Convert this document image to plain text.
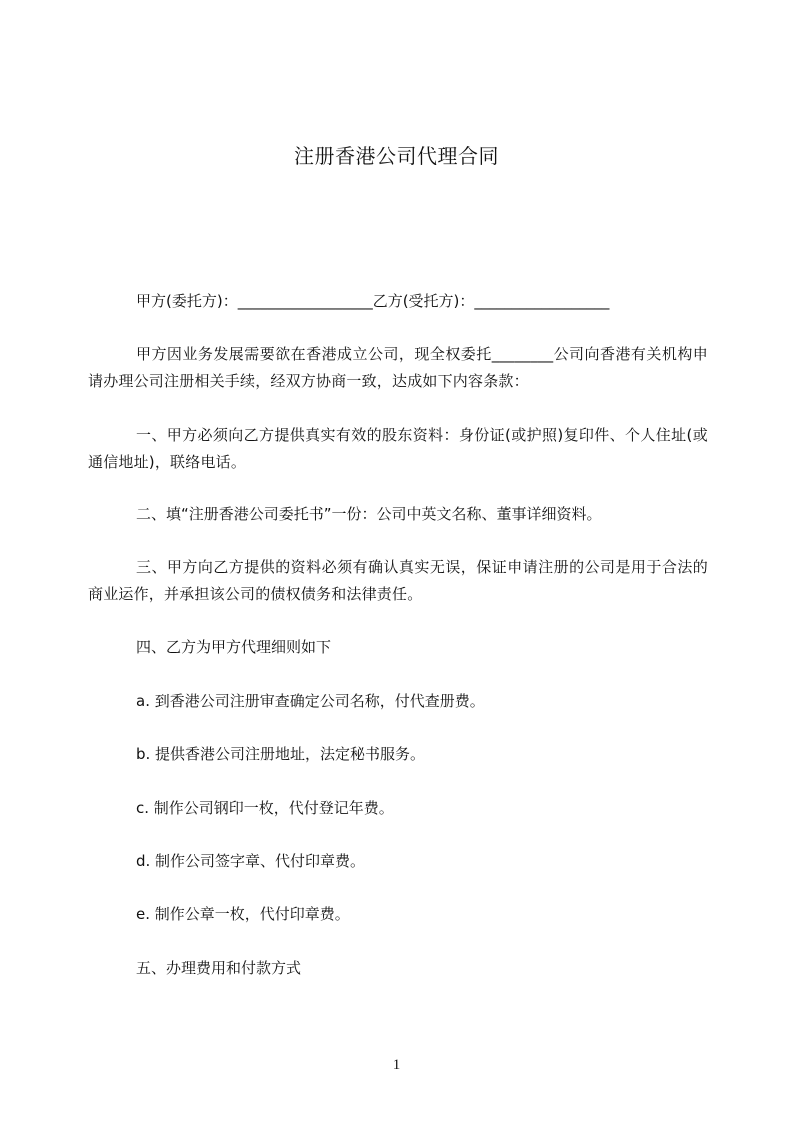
注册香港公司代理合同
甲方(委托方)：__________________乙方(受托方)：__________________
甲方因业务发展需要欲在香港成立公司，现全权委托________公司向香港有关机构申请办理公司注册相关手续，经双方协商一致，达成如下内容条款：
一、甲方必须向乙方提供真实有效的股东资料：身份证(或护照)复印件、个人住址(或通信地址)，联络电话。
二、填“注册香港公司委托书”一份：公司中英文名称、董事详细资料。
三、甲方向乙方提供的资料必须有确认真实无误，保证申请注册的公司是用于合法的商业运作，并承担该公司的债权债务和法律责任。
四、乙方为甲方代理细则如下
a. 到香港公司注册审查确定公司名称，付代查册费。
b. 提供香港公司注册地址，法定秘书服务。
c. 制作公司钢印一枚，代付登记年费。
d. 制作公司签字章、代付印章费。
e. 制作公章一枚，代付印章费。
五、办理费用和付款方式
1
